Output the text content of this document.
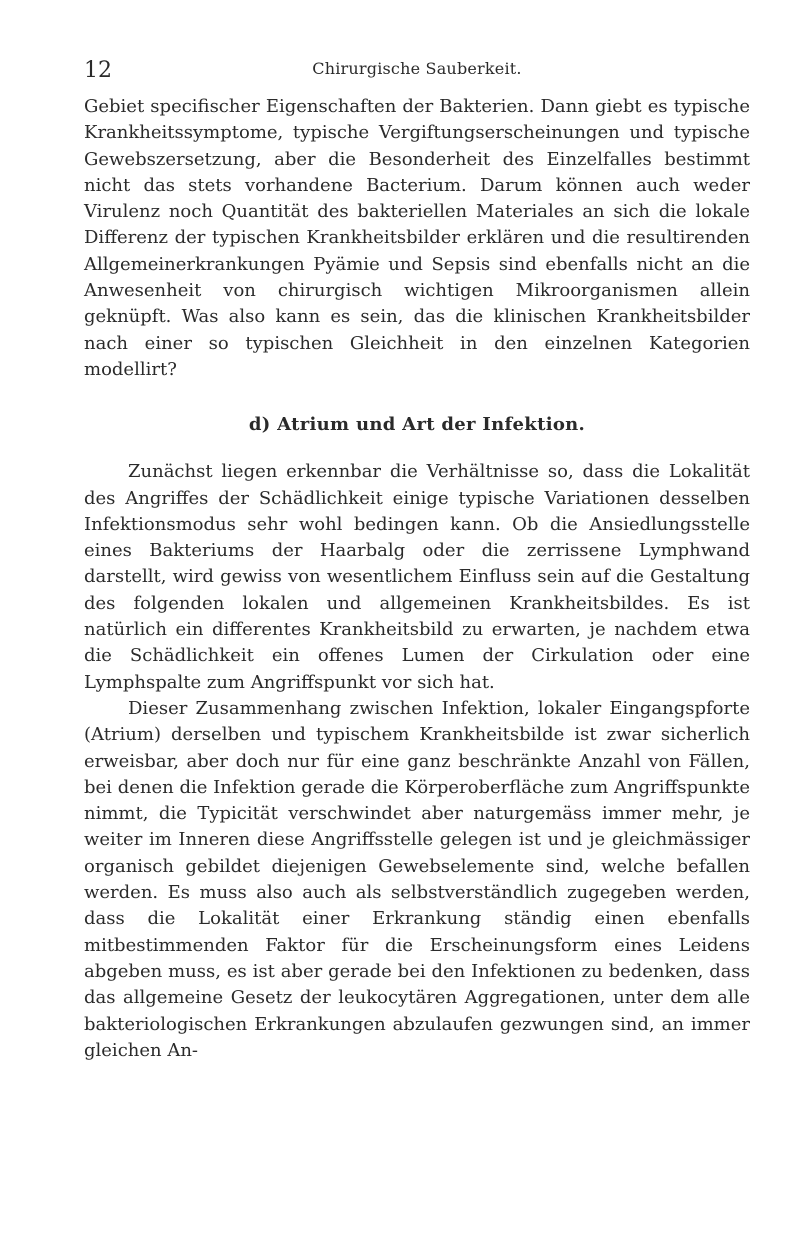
12	Chirurgische Sauberkeit.

Gebiet specifischer Eigenschaften der Bakterien. Dann giebt es typische Krankheitssymptome, typische Vergiftungserscheinungen und typische Gewebszersetzung, aber die Besonderheit des Einzelfalles bestimmt nicht das stets vorhandene Bacterium. Darum können auch weder Virulenz noch Quantität des bakteriellen Materiales an sich die lokale Differenz der typischen Krankheitsbilder erklären und die resultirenden Allgemeinerkrankungen Pyämie und Sepsis sind ebenfalls nicht an die Anwesenheit von chirurgisch wichtigen Mikroorganismen allein geknüpft. Was also kann es sein, das die klinischen Krankheitsbilder nach einer so typischen Gleichheit in den einzelnen Kategorien modellirt?

d) Atrium und Art der Infektion.

Zunächst liegen erkennbar die Verhältnisse so, dass die Lokalität des Angriffes der Schädlichkeit einige typische Variationen desselben Infektionsmodus sehr wohl bedingen kann. Ob die Ansiedlungsstelle eines Bakteriums der Haarbalg oder die zerrissene Lymphwand darstellt, wird gewiss von wesentlichem Einfluss sein auf die Gestaltung des folgenden lokalen und allgemeinen Krankheitsbildes. Es ist natürlich ein differentes Krankheitsbild zu erwarten, je nachdem etwa die Schädlichkeit ein offenes Lumen der Cirkulation oder eine Lymphspalte zum Angriffspunkt vor sich hat.

Dieser Zusammenhang zwischen Infektion, lokaler Eingangspforte (Atrium) derselben und typischem Krankheitsbilde ist zwar sicherlich erweisbar, aber doch nur für eine ganz beschränkte Anzahl von Fällen, bei denen die Infektion gerade die Körperoberfläche zum Angriffspunkte nimmt, die Typicität verschwindet aber naturgemäss immer mehr, je weiter im Inneren diese Angriffsstelle gelegen ist und je gleichmässiger organisch gebildet diejenigen Gewebselemente sind, welche befallen werden. Es muss also auch als selbstverständlich zugegeben werden, dass die Lokalität einer Erkrankung ständig einen ebenfalls mitbestimmenden Faktor für die Erscheinungsform eines Leidens abgeben muss, es ist aber gerade bei den Infektionen zu bedenken, dass das allgemeine Gesetz der leukocytären Aggregationen, unter dem alle bakteriologischen Erkrankungen abzulaufen gezwungen sind, an immer gleichen An-
